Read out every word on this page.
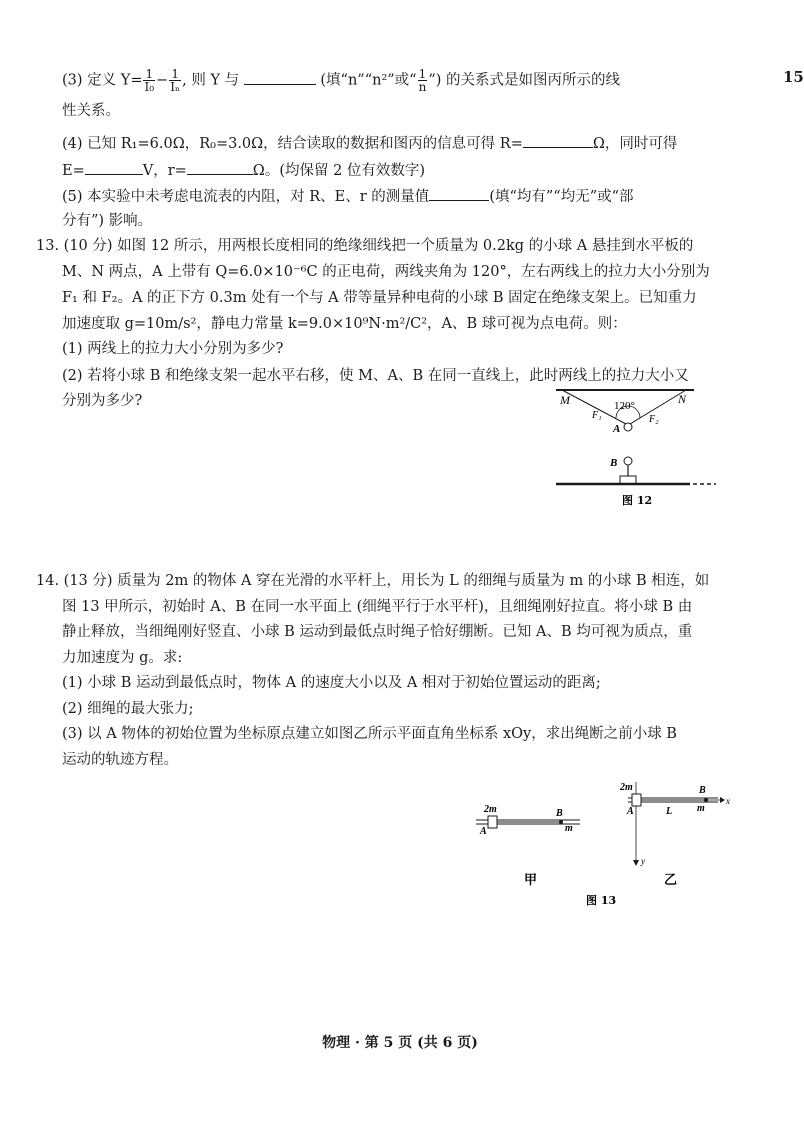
15
(3) 定义 $Y= \frac{1}{\text{I₀}} - \frac{1}{\text{Iₙ}}$ , 则 Y 与	(填“n”“n²”或“ $\frac{1}{n}$ ”) 的关系式是如图丙所示的线
性关系。
(4) 已知 R₁=6.0Ω，R₀=3.0Ω，结合读取的数据和图丙的信息可得 R=	Ω，同时可得
E=	V，r=	Ω。(均保留 2 位有效数字)
(5) 本实验中未考虑电流表的内阻，对 R、E、r 的测量值	(填“均有”“均无”或“部
分有”) 影响。
13. (10 分) 如图 12 所示，用两根长度相同的绝缘细线把一个质量为 0.2kg 的小球 A 悬挂到水平板的
M、N 两点，A 上带有 Q=6.0×10⁻⁶C 的正电荷，两线夹角为 120°，左右两线上的拉力大小分别为
F₁ 和 F₂。A 的正下方 0.3m 处有一个与 A 带等量异种电荷的小球 B 固定在绝缘支架上。已知重力
加速度取 g=10m/s²，静电力常量 k=9.0×10⁹N·m²/C²，A、B 球可视为点电荷。则：
(1) 两线上的拉力大小分别为多少?
(2) 若将小球 B 和绝缘支架一起水平右移，使 M、A、B 在同一直线上，此时两线上的拉力大小又
分别为多少?	M	N
120°
F₁	F₂
A
B
图 12
14. (13 分) 质量为 2m 的物体 A 穿在光滑的水平杆上，用长为 L 的细绳与质量为 m 的小球 B 相连，如
图 13 甲所示，初始时 A、B 在同一水平面上 (细绳平行于水平杆)，且细绳刚好拉直。将小球 B 由
静止释放，当细绳刚好竖直、小球 B 运动到最低点时绳子恰好绷断。已知 A、B 均可视为质点，重
力加速度为 g。求:
(1) 小球 B 运动到最低点时，物体 A 的速度大小以及 A 相对于初始位置运动的距离;
(2) 细绳的最大张力;
(3) 以 A 物体的初始位置为坐标原点建立如图乙所示平面直角坐标系 xOy，求出绳断之前小球 B
运动的轨迹方程。
2m
A
B
m
甲
2m
A	L
B
m
x
y
乙
图 13
物理 · 第 5 页 (共 6 页)
